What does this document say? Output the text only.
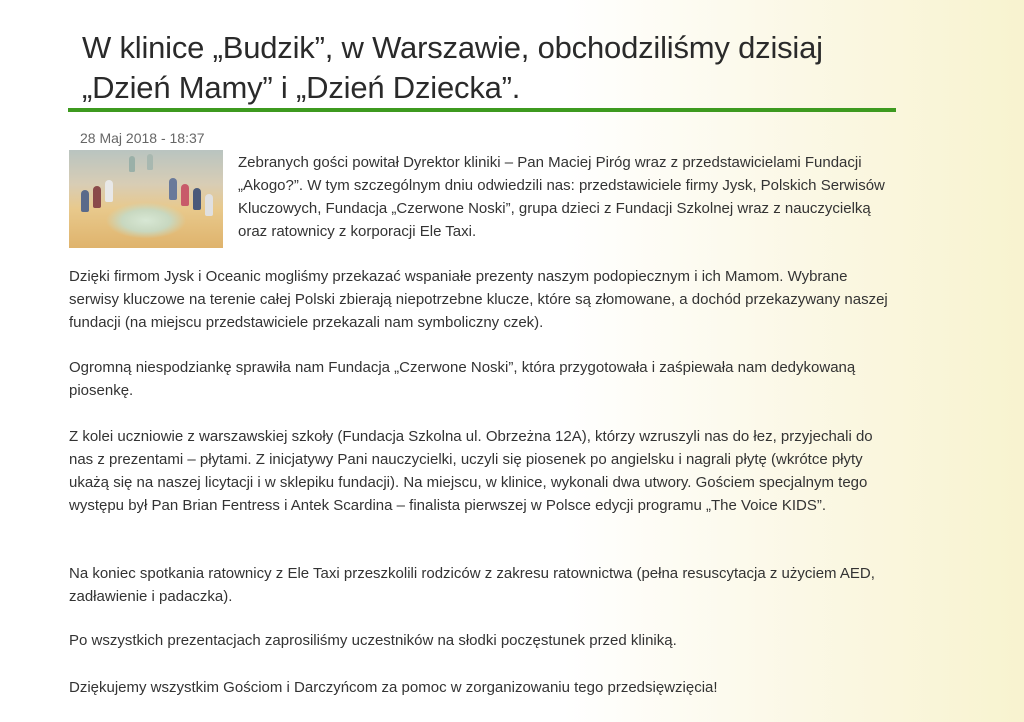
W klinice „Budzik”, w Warszawie, obchodziliśmy dzisiaj „Dzień Mamy” i „Dzień Dziecka”.
28 Maj 2018 - 18:37

Zebranych gości powitał Dyrektor kliniki – Pan Maciej Piróg wraz z przedstawicielami Fundacji „Akogo?”. W tym szczególnym dniu odwiedzili nas: przedstawiciele firmy Jysk, Polskich Serwisów Kluczowych, Fundacja „Czerwone Noski”, grupa dzieci z Fundacji Szkolnej wraz z nauczycielką oraz ratownicy z korporacji Ele Taxi.

Dzięki firmom Jysk i Oceanic mogliśmy przekazać wspaniałe prezenty naszym podopiecznym i ich Mamom. Wybrane serwisy kluczowe na terenie całej Polski zbierają niepotrzebne klucze, które są złomowane, a dochód przekazywany naszej fundacji (na miejscu przedstawiciele przekazali nam symboliczny czek).

Ogromną niespodziankę sprawiła nam Fundacja „Czerwone Noski”, która przygotowała i zaśpiewała nam dedykowaną piosenkę.

Z kolei uczniowie z warszawskiej szkoły (Fundacja Szkolna ul. Obrzeżna 12A), którzy wzruszyli nas do łez, przyjechali do nas z prezentami – płytami. Z inicjatywy Pani nauczycielki, uczyli się piosenek po angielsku i nagrali płytę (wkrótce płyty ukażą się na naszej licytacji i w sklepiku fundacji). Na miejscu, w klinice, wykonali dwa utwory. Gościem specjalnym tego występu był Pan Brian Fentress i Antek Scardina – finalista pierwszej w Polsce edycji programu „The Voice KIDS”.

Na koniec spotkania ratownicy z Ele Taxi przeszkolili rodziców z zakresu ratownictwa (pełna resuscytacja z użyciem AED, zadławienie i padaczka).

Po wszystkich prezentacjach zaprosiliśmy uczestników na słodki poczęstunek przed kliniką.

Dziękujemy wszystkim Gościom i Darczyńcom za pomoc w zorganizowaniu tego przedsięwzięcia!
